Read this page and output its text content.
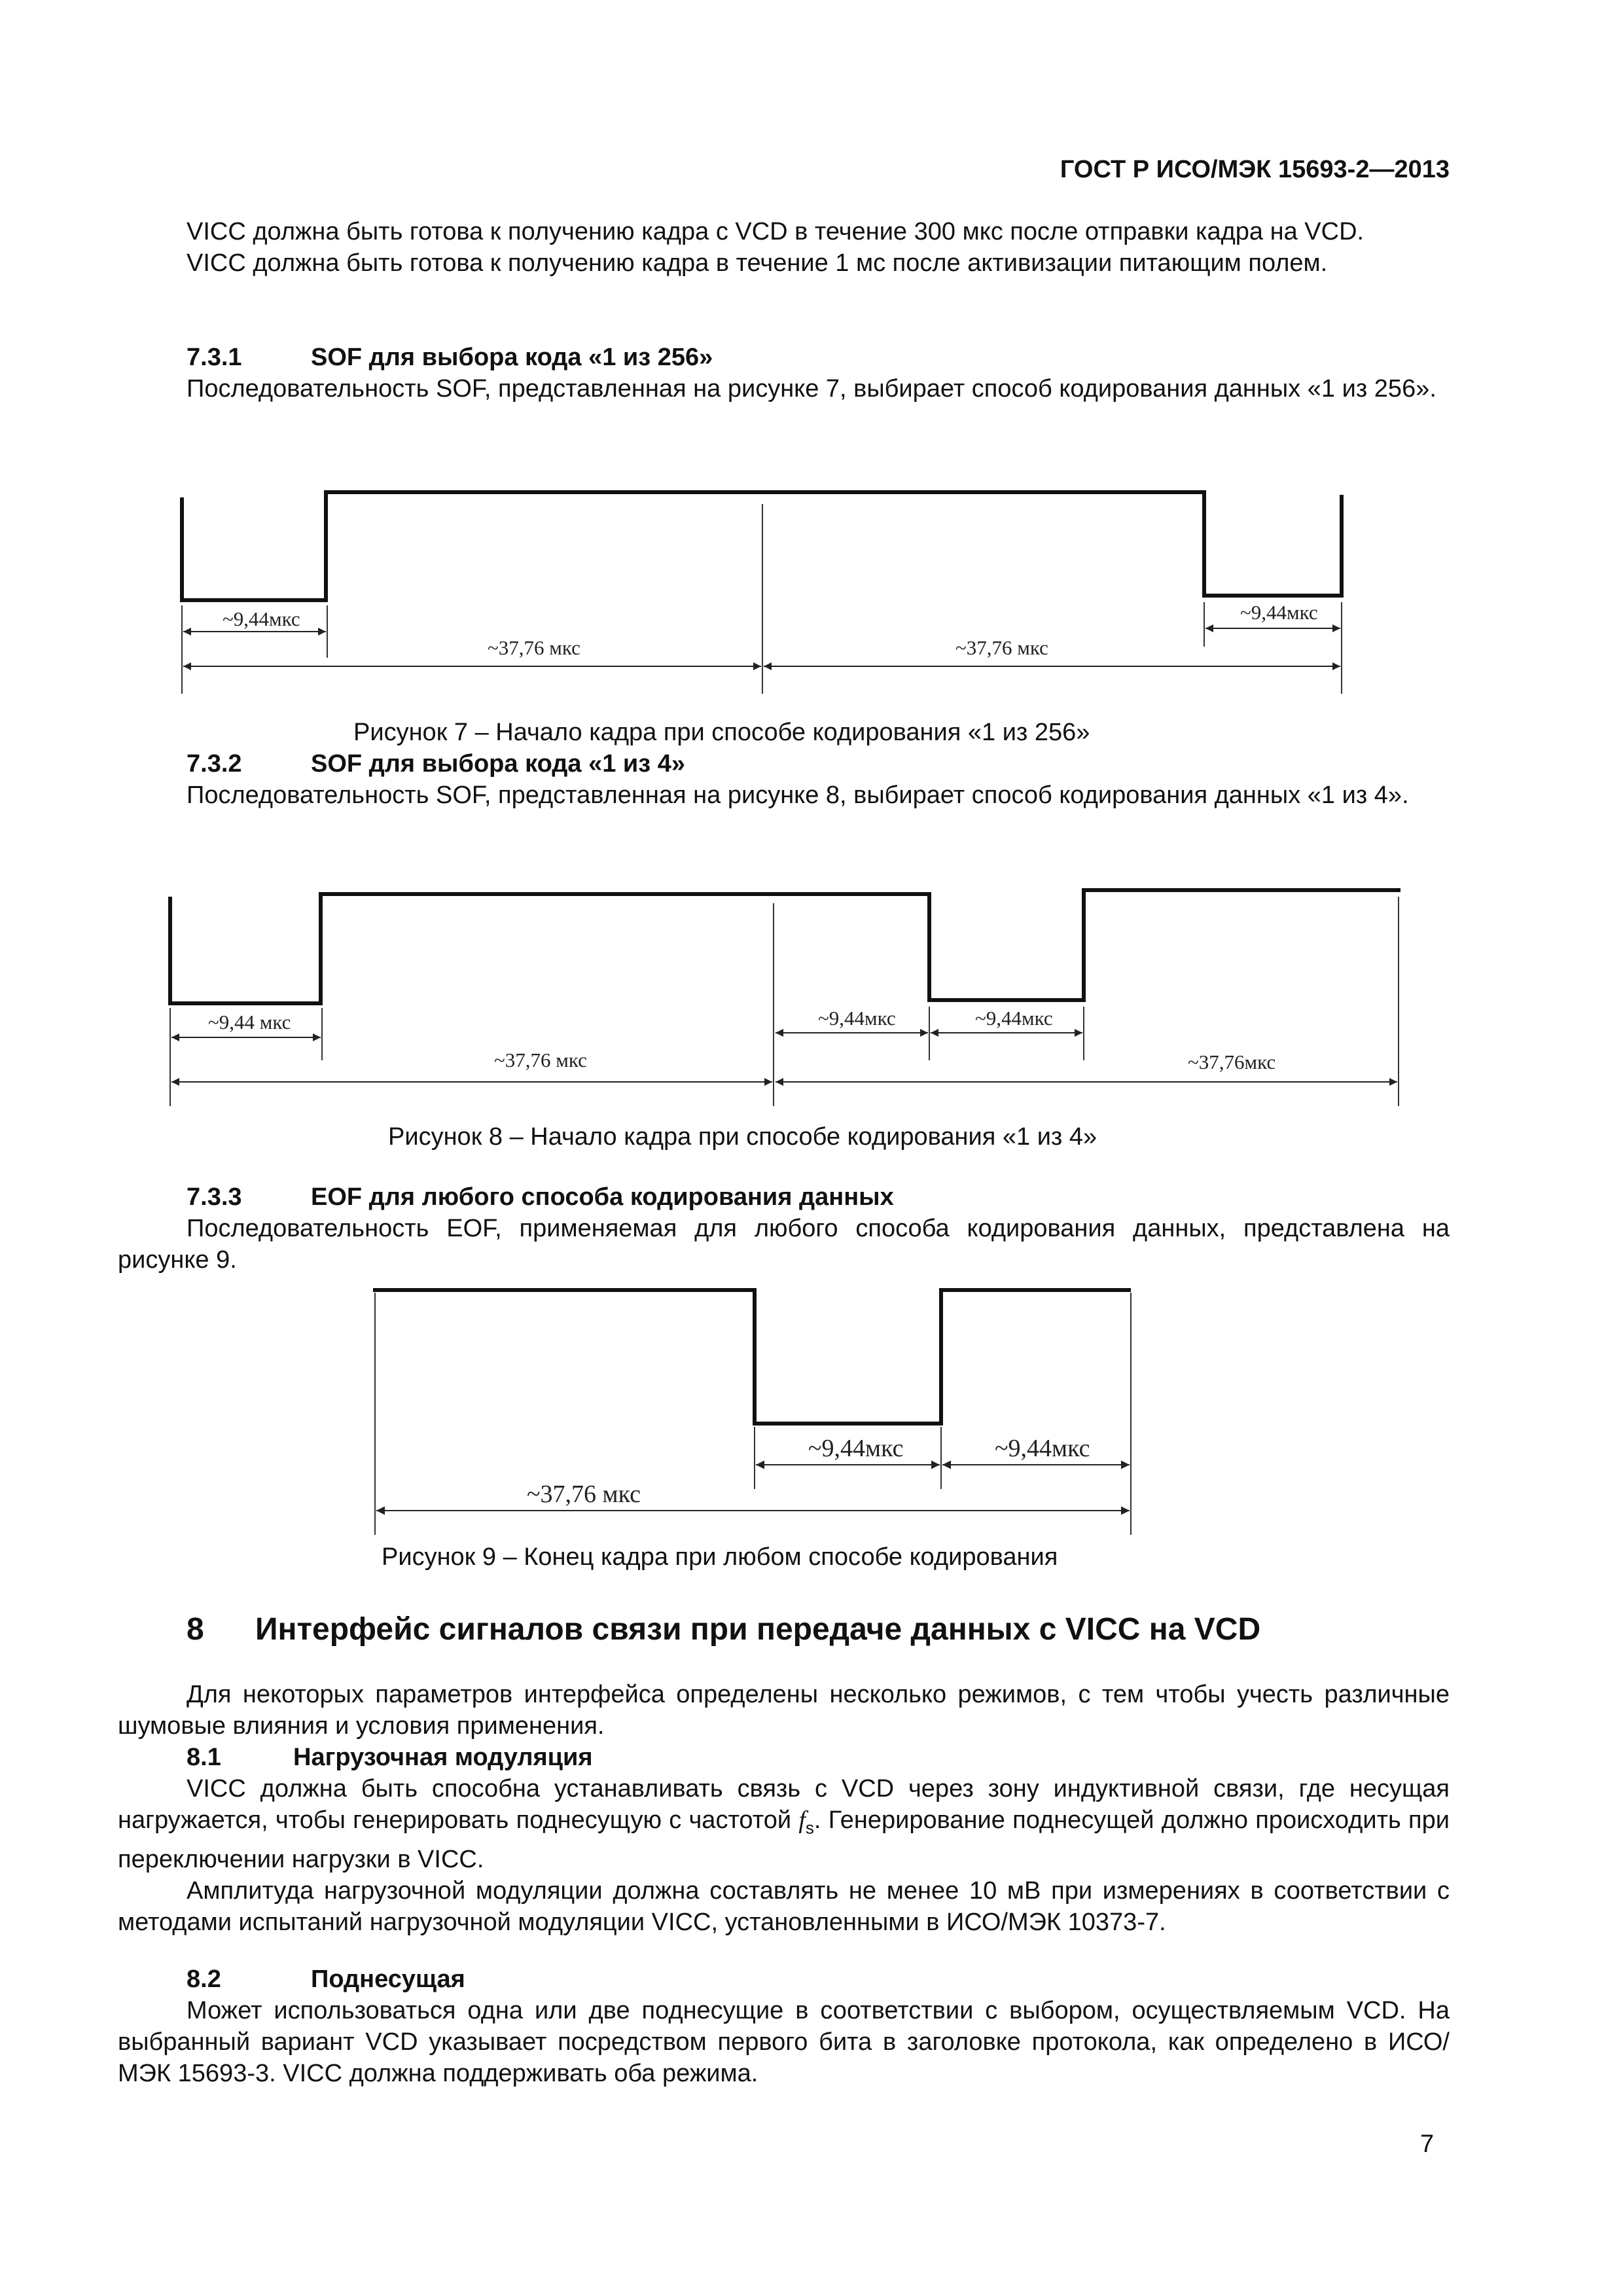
ГОСТ Р ИСО/МЭК 15693-2—2013

VICC должна быть готова к получению кадра с VCD в течение 300 мкс после отправки кадра на VCD.

VICC должна быть готова к получению кадра в течение 1 мс после активизации питающим полем.

7.3.1	SOF для выбора кода «1 из 256»

Последовательность SOF, представленная на рисунке 7, выбирает способ кодирования данных «1 из 256».

~9,44мкс
~37,76 мкс	~37,76 мкс
~9,44мкс
Рисунок 7 – Начало кадра при способе кодирования «1 из 256»
7.3.2	SOF для выбора кода «1 из 4»

Последовательность SOF, представленная на рисунке 8, выбирает способ кодирования данных «1 из 4».

~9,44 мкс
~37,76 мкс
~9,44мкс	~9,44мкс
~37,76мкс
Рисунок 8 – Начало кадра при способе кодирования «1 из 4»
7.3.3	EOF для любого способа кодирования данных

Последовательность EOF, применяемая для любого способа кодирования данных, представлена на рисунке 9.

~9,44мкс	~9,44мкс
~37,76 мкс
Рисунок 9 – Конец кадра при любом способе кодирования
8 Интерфейс сигналов связи при передаче данных с VICC на VCD

Для некоторых параметров интерфейса определены несколько режимов, с тем чтобы учесть различные шумовые влияния и условия применения.

8.1	Нагрузочная модуляция

VICC должна быть способна устанавливать связь с VCD через зону индуктивной связи, где несущая нагружается, чтобы генерировать поднесущую с частотой $f_s$. Генерирование поднесущей должно происходить при переключении нагрузки в VICC.

Амплитуда нагрузочной модуляции должна составлять не менее 10 мВ при измерениях в соответствии с методами испытаний нагрузочной модуляции VICC, установленными в ИСО/МЭК 10373-7.

8.2	Поднесущая

Может использоваться одна или две поднесущие в соответствии с выбором, осуществляемым VCD. На выбранный вариант VCD указывает посредством первого бита в заголовке протокола, как определено в ИСО/МЭК 15693-3. VICC должна поддерживать оба режима.

7
